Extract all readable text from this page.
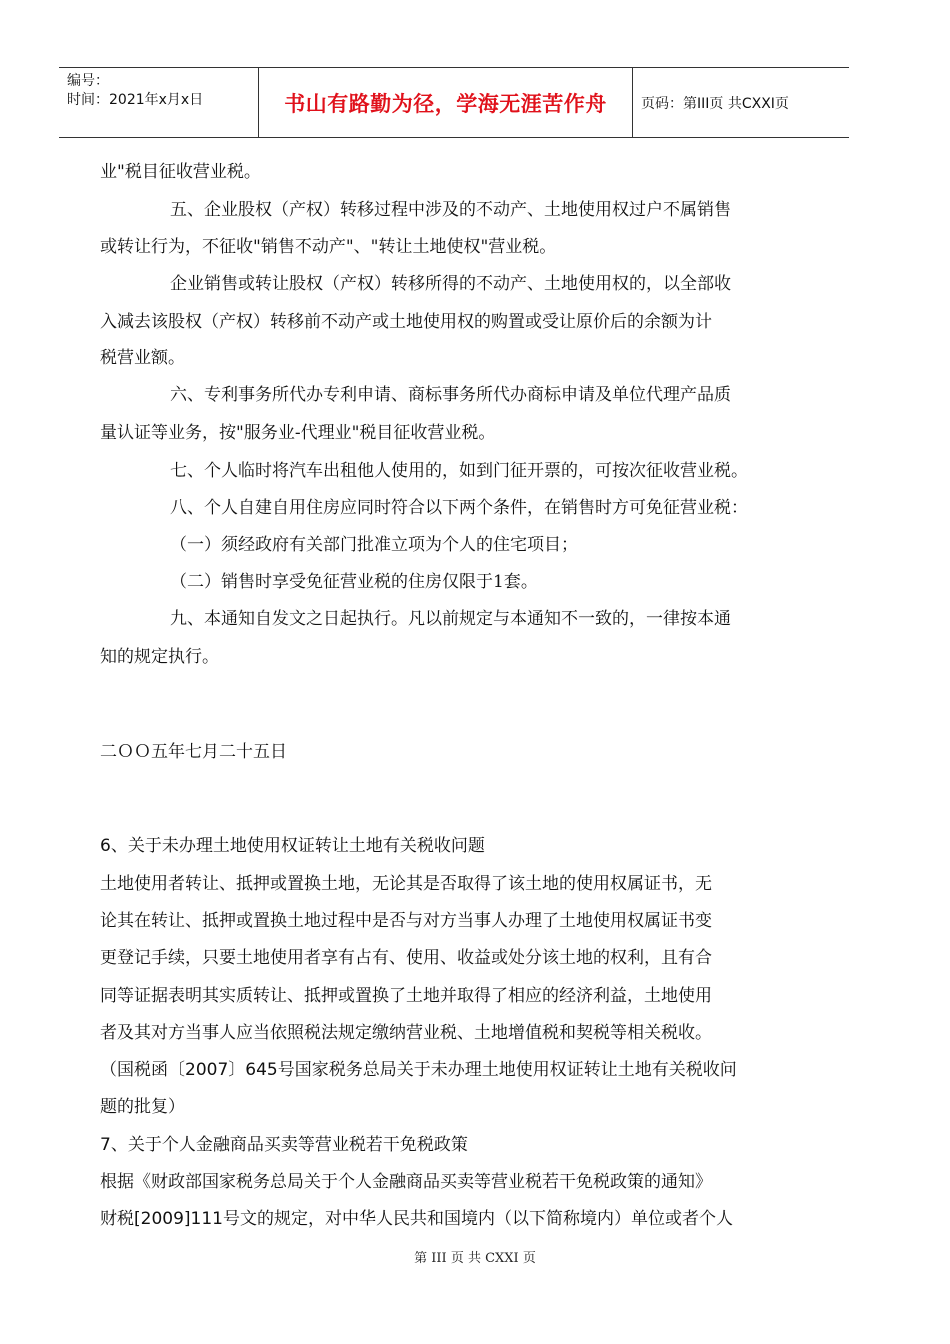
编号：
时间：2021年x月x日	书山有路勤为径，学海无涯苦作舟	页码：第III页 共CXXI页
业"税目征收营业税。
五、企业股权（产权）转移过程中涉及的不动产、土地使用权过户不属销售
或转让行为，不征收"销售不动产"、"转让土地使权"营业税。
企业销售或转让股权（产权）转移所得的不动产、土地使用权的，以全部收
入减去该股权（产权）转移前不动产或土地使用权的购置或受让原价后的余额为计
税营业额。
六、专利事务所代办专利申请、商标事务所代办商标申请及单位代理产品质
量认证等业务，按"服务业-代理业"税目征收营业税。
七、个人临时将汽车出租他人使用的，如到门征开票的，可按次征收营业税。
八、个人自建自用住房应同时符合以下两个条件，在销售时方可免征营业税：
（一）须经政府有关部门批准立项为个人的住宅项目；
（二）销售时享受免征营业税的住房仅限于1套。
九、本通知自发文之日起执行。凡以前规定与本通知不一致的，一律按本通
知的规定执行。
二ＯＯ五年七月二十五日
6、关于未办理土地使用权证转让土地有关税收问题
土地使用者转让、抵押或置换土地，无论其是否取得了该土地的使用权属证书，无
论其在转让、抵押或置换土地过程中是否与对方当事人办理了土地使用权属证书变
更登记手续，只要土地使用者享有占有、使用、收益或处分该土地的权利，且有合
同等证据表明其实质转让、抵押或置换了土地并取得了相应的经济利益，土地使用
者及其对方当事人应当依照税法规定缴纳营业税、土地增值税和契税等相关税收。
（国税函〔2007〕645号国家税务总局关于未办理土地使用权证转让土地有关税收问
题的批复）
7、关于个人金融商品买卖等营业税若干免税政策
根据《财政部国家税务总局关于个人金融商品买卖等营业税若干免税政策的通知》
财税[2009]111号文的规定，对中华人民共和国境内（以下简称境内）单位或者个人
第 III 页 共 CXXI 页
